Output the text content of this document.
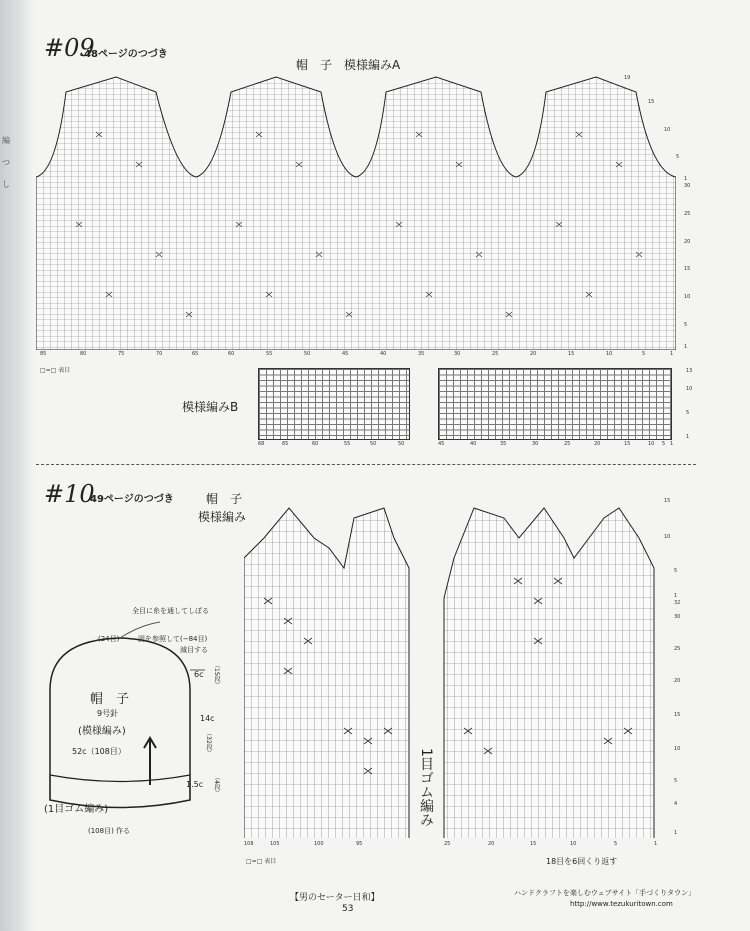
編
つ
し
#09
48ページのつづき
帽　子　模様編みA
19
15
10
5
1
30
25
20
15
10
5
1
85	80	75	70	65	60	55	50	45	40	35	30	25	20	15	10	5	1
□=□ 表目
模様編みB
13
10
5
1
68	65	60	55	50	50	45	40	35	30	25	20	15	10 5 1
#10
49ページのつづき	帽　子
模様編み
全目に糸を通してしぼる
(24目)	図を参照して(−84目)
減目する
帽　子
9号針
(模様編み)
52c（108目）
6c （15段）
14c
（32段）
1.5c （4段）
(1目ゴム編み)
(108目) 作る
1目ゴム編み
15
10
5
1
32
30
25
20
15
10
5
4
1
108	105	100	95	25	20	15	10	5	1
□=□ 表目	18目を6回くり返す
【男のセーター日和】
53
ハンドクラフトを楽しむウェブサイト「手づくりタウン」
http://www.tezukuritown.com
